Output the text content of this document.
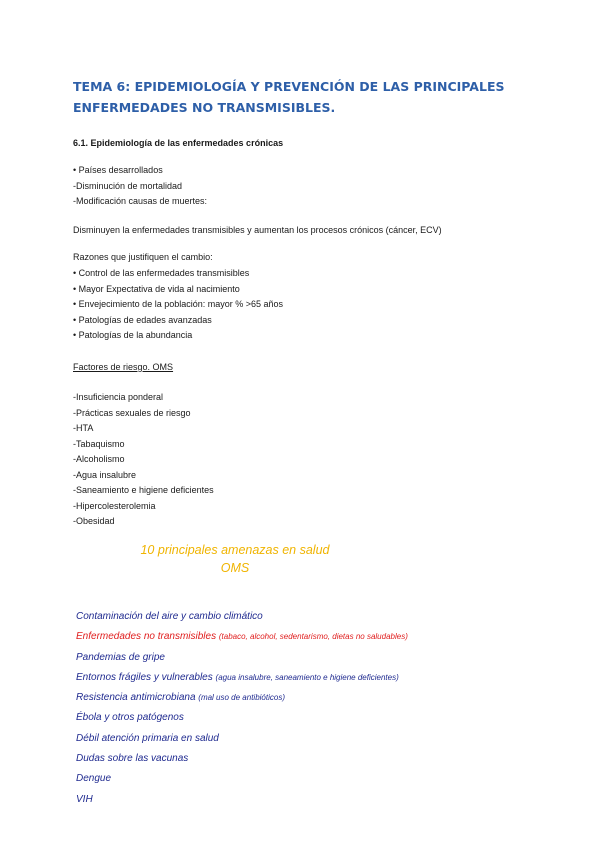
TEMA 6: EPIDEMIOLOGÍA Y PREVENCIÓN DE LAS PRINCIPALES
ENFERMEDADES NO TRANSMISIBLES.
6.1. Epidemiología de las enfermedades crónicas
• Países desarrollados
-Disminución de mortalidad
-Modificación causas de muertes:

Disminuyen la enfermedades transmisibles y aumentan los procesos crónicos (cáncer, ECV)

Razones que justifiquen el cambio:

• Control de las enfermedades transmisibles
• Mayor Expectativa de vida al nacimiento
• Envejecimiento de la población: mayor % >65 años
• Patologías de edades avanzadas
• Patologías de la abundancia

Factores de riesgo. OMS

-Insuficiencia ponderal
-Prácticas sexuales de riesgo
-HTA
-Tabaquismo
-Alcoholismo
-Agua insalubre
-Saneamiento e higiene deficientes
-Hipercolesterolemia
-Obesidad

10 principales amenazas en salud
OMS

Contaminación del aire y cambio climático
Enfermedades no transmisibles (tabaco, alcohol, sedentarismo, dietas no saludables)
Pandemias de gripe
Entornos frágiles y vulnerables (agua insalubre, saneamiento e higiene deficientes)
Resistencia antimicrobiana (mal uso de antibióticos)
Ébola y otros patógenos
Débil atención primaria en salud
Dudas sobre las vacunas
Dengue
VIH
